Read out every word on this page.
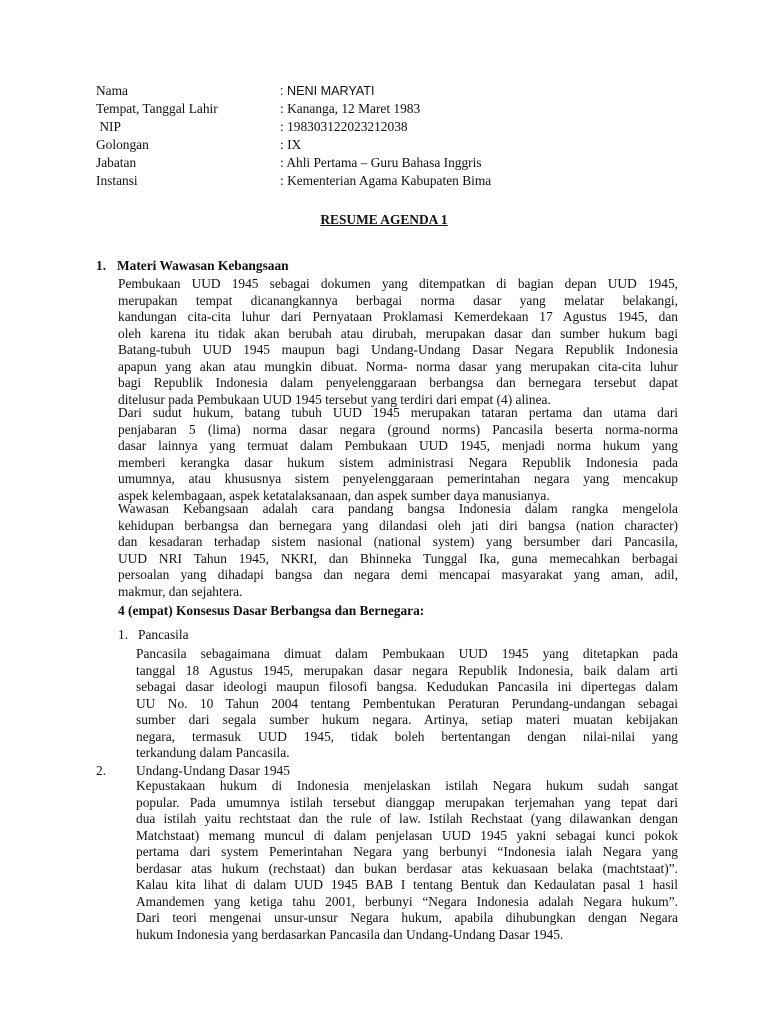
Nama	: NENI MARYATI
Tempat, Tanggal Lahir	: Kananga, 12 Maret 1983
NIP	: 198303122023212038
Golongan	: IX
Jabatan	: Ahli Pertama – Guru Bahasa Inggris
Instansi	: Kementerian Agama Kabupaten Bima
RESUME AGENDA 1
1. Materi Wawasan Kebangsaan
Pembukaan UUD 1945 sebagai dokumen yang ditempatkan di bagian depan UUD 1945,
merupakan tempat dicanangkannya berbagai norma dasar yang melatar belakangi,
kandungan cita-cita luhur dari Pernyataan Proklamasi Kemerdekaan 17 Agustus 1945, dan
oleh karena itu tidak akan berubah atau dirubah, merupakan dasar dan sumber hukum bagi
Batang-tubuh UUD 1945 maupun bagi Undang-Undang Dasar Negara Republik Indonesia
apapun yang akan atau mungkin dibuat. Norma- norma dasar yang merupakan cita-cita luhur
bagi Republik Indonesia dalam penyelenggaraan berbangsa dan bernegara tersebut dapat
ditelusur pada Pembukaan UUD 1945 tersebut yang terdiri dari empat (4) alinea.
Dari sudut hukum, batang tubuh UUD 1945 merupakan tataran pertama dan utama dari
penjabaran 5 (lima) norma dasar negara (ground norms) Pancasila beserta norma-norma
dasar lainnya yang termuat dalam Pembukaan UUD 1945, menjadi norma hukum yang
memberi kerangka dasar hukum sistem administrasi Negara Republik Indonesia pada
umumnya, atau khususnya sistem penyelenggaraan pemerintahan negara yang mencakup
aspek kelembagaan, aspek ketatalaksanaan, dan aspek sumber daya manusianya.
Wawasan Kebangsaan adalah cara pandang bangsa Indonesia dalam rangka mengelola
kehidupan berbangsa dan bernegara yang dilandasi oleh jati diri bangsa (nation character)
dan kesadaran terhadap sistem nasional (national system) yang bersumber dari Pancasila,
UUD NRI Tahun 1945, NKRI, dan Bhinneka Tunggal Ika, guna memecahkan berbagai
persoalan yang dihadapi bangsa dan negara demi mencapai masyarakat yang aman, adil,
makmur, dan sejahtera.
4 (empat) Konsesus Dasar Berbangsa dan Bernegara:
1. Pancasila
Pancasila sebagaimana dimuat dalam Pembukaan UUD 1945 yang ditetapkan pada
tanggal 18 Agustus 1945, merupakan dasar negara Republik Indonesia, baik dalam arti
sebagai dasar ideologi maupun filosofi bangsa. Kedudukan Pancasila ini dipertegas dalam
UU No. 10 Tahun 2004 tentang Pembentukan Peraturan Perundang-undangan sebagai
sumber dari segala sumber hukum negara. Artinya, setiap materi muatan kebijakan
negara, termasuk UUD 1945, tidak boleh bertentangan dengan nilai-nilai yang
terkandung dalam Pancasila.
2. Undang-Undang Dasar 1945
Kepustakaan hukum di Indonesia menjelaskan istilah Negara hukum sudah sangat
popular. Pada umumnya istilah tersebut dianggap merupakan terjemahan yang tepat dari
dua istilah yaitu rechtstaat dan the rule of law. Istilah Rechstaat (yang dilawankan dengan
Matchstaat) memang muncul di dalam penjelasan UUD 1945 yakni sebagai kunci pokok
pertama dari system Pemerintahan Negara yang berbunyi “Indonesia ialah Negara yang
berdasar atas hukum (rechstaat) dan bukan berdasar atas kekuasaan belaka (machtstaat)”.
Kalau kita lihat di dalam UUD 1945 BAB I tentang Bentuk dan Kedaulatan pasal 1 hasil
Amandemen yang ketiga tahu 2001, berbunyi “Negara Indonesia adalah Negara hukum”.
Dari teori mengenai unsur-unsur Negara hukum, apabila dihubungkan dengan Negara
hukum Indonesia yang berdasarkan Pancasila dan Undang-Undang Dasar 1945.
